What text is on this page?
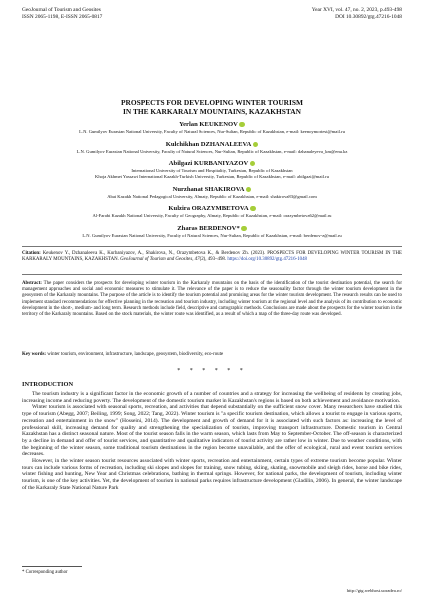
GeoJournal of Tourism and Geosites
ISSN 2065-1198, E-ISSN 2065-0817
Year XVI, vol. 47, no. 2, 2023, p.493-498
DOI 10.30892/gtg.47216-1048
PROSPECTS FOR DEVELOPING WINTER TOURISM
IN THE KARKARALY MOUNTAINS, KAZAKHSTAN
Yerlan KEUKENOV
L.N. Gumilyov Eurasian National University, Faculty of Natural Sciences, Nur-Sultan, Republic of Kazakhstan, e-mail: keenoymoriest@mail.ru
Kulchikhan DZHANALEEVA
L.N. Gumilyov Eurasian National University, Faculty of Natural Sciences, Nur-Sultan, Republic of Kazakhstan, e-mail: dzhanaleyeva_km@enu.kz
Abilgazi KURBANIYAZOV
International University of Tourism and Hospitality, Turkestan, Republic of Kazakhstan
Khoja Akhmet Yassawi International Kazakh-Turkish University, Turkestan, Republic of Kazakhstan, e-mail: abilgazi@mail.ru
Nurzhanat SHAKIROVA
Abai Kazakh National Pedagogical University, Almaty, Republic of Kazakhstan, e-mail: shakirova83@gmail.com
Kulzira ORAZYMBETOVA
Al-Farabi Kazakh National University, Faculty of Geography, Almaty, Republic of Kazakhstan, e-mail: orazymbetova62@mail.ru
Zharas BERDENOV*
L.N. Gumilyov Eurasian National University, Faculty of Natural Sciences, Nur-Sultan, Republic of Kazakhstan, e-mail: berdenov-z@mail.ru
Citation: Keukenov Y., Dzhanaleeva K., Kurbaniyazov, A., Shakirova, N., Orazymbetova K., & Berdenov Zh. (2023). PROSPECTS FOR DEVELOPING WINTER TOURISM IN THE KARKARALY MOUNTAINS, KAZAKHSTAN. GeoJournal of Tourism and Geosites, 47(2), 493–498. https://doi.org/10.30892/gtg.47216-1048
Abstract: The paper considers the prospects for developing winter tourism in the Karkaraly mountains on the basis of the identification of the tourist destination potential, the search for management approaches and social and economic measures to stimulate it. The relevance of the paper is to reduce the seasonality factor through the winter tourism development in the geosystem of the Karkaraly mountains. The purpose of the article is to identify the tourism potential and promising areas for the winter tourism development. The research results can be used to implement standard recommendations for effective planning in the recreation and tourism industry, including winter tourism at the regional level and the analysis of its contribution to economic development in the short-, medium- and long term. Research methods include field, descriptive and cartographic methods. Conclusions are made about the prospects for the winter tourism in the territory of the Karkaraly mountains. Based on the stock materials, the winter route was identified, as a result of which a map of the three-day route was developed.
Key words: winter tourism, environment, infrastructure, landscape, geosystem, biodiversity, eco-route
* * * * * *
INTRODUCTION

The tourism industry is a significant factor in the economic growth of a number of countries and a strategy for increasing the wellbeing of residents by creating jobs, increasing income and reducing poverty. The development of the domestic tourism market in Kazakhstan's regions is based on both achievement and avoidance motivation.

Winter tourism is associated with seasonal sports, recreation, and activities that depend substantially on the sufficient snow cover. Many researchers have studied this type of tourism (Abegg, 2007; Beiling, 1999; Song, 2022; Tang, 2022). Winter tourism is "a specific tourism destination, which allows a tourist to engage in various sports, recreation and entertainment in the snow" (Hosseini, 2014). The development and growth of demand for it is associated with such factors as: increasing the level of professional skill, increasing demand for quality and strengthening the specialization of tourists, improving transport infrastructure. Domestic tourism in Central Kazakhstan has a distinct seasonal nature. Most of the tourist season falls in the warm season, which lasts from May to September-October. The off-season is characterized by a decline in demand and offer of tourist services, and quantitative and qualitative indicators of tourist activity are rather low in winter. Due to weather conditions, with the beginning of the winter season, some traditional tourism destinations in the region become unavailable, and the offer of ecological, rural and event tourism services decreases.

However, in the winter season tourist resources associated with winter sports, recreation and entertainment, certain types of extreme tourism become popular. Winter tours can include various forms of recreation, including ski slopes and slopes for training, snow tubing, skiing, skating, snowmobile and sleigh rides, horse and bike rides, winter fishing and hunting, New Year and Christmas celebrations, bathing in thermal springs. However, for national parks, the development of tourism, including winter tourism, is one of the key activities. Yet, the development of tourism in national parks requires infrastructure development (Gladilin, 2006). In general, the winter landscape of the Karkaraly State National Nature Park

* Corresponding author
http://gtg.webhost.uoradea.ro/
